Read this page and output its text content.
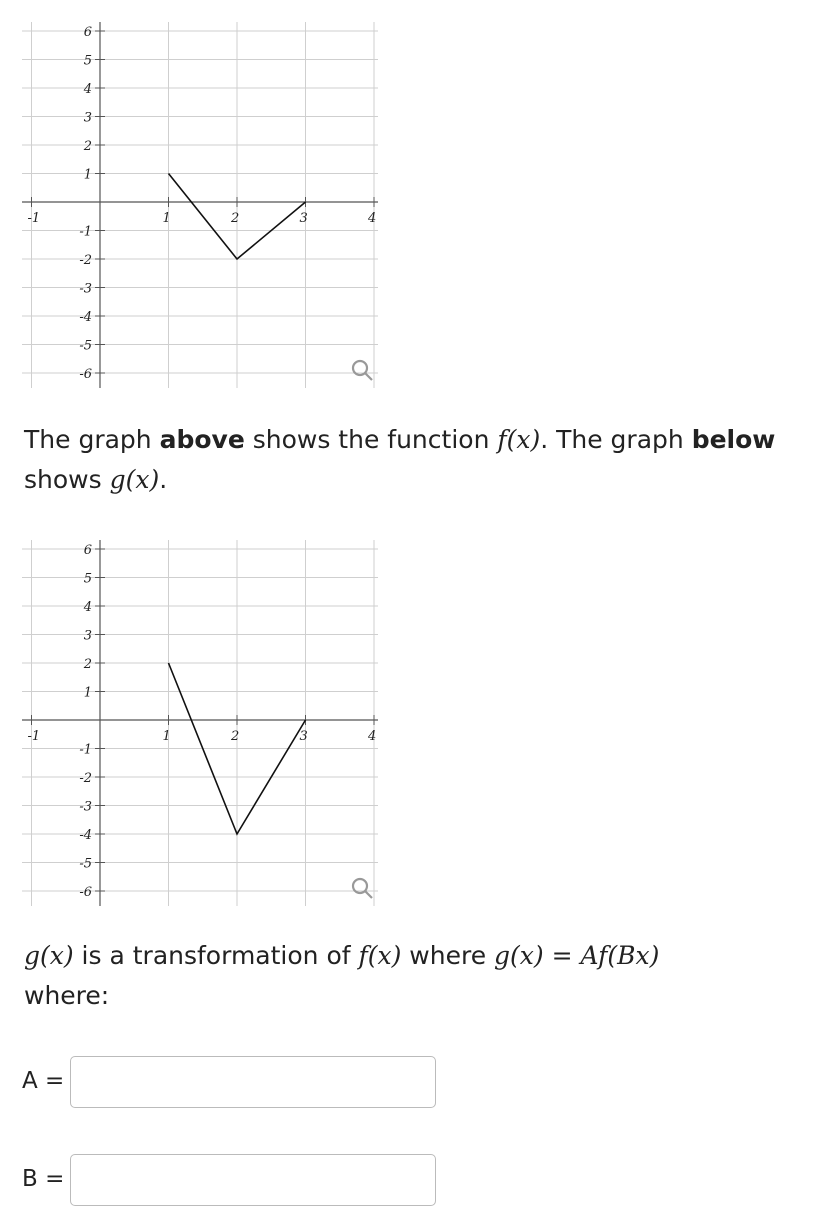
-1	1	2	3	4
6
5
4
3
2
1
-1
-2
-3
-4
-5
-6
The graph above shows the function f(x). The graph below
shows g(x).
-1	1	2	3	4
6
5
4
3
2
1
-1
-2
-3
-4
-5
-6
g(x) is a transformation of f(x) where g(x) = Af(Bx)
where:
A =
B =
